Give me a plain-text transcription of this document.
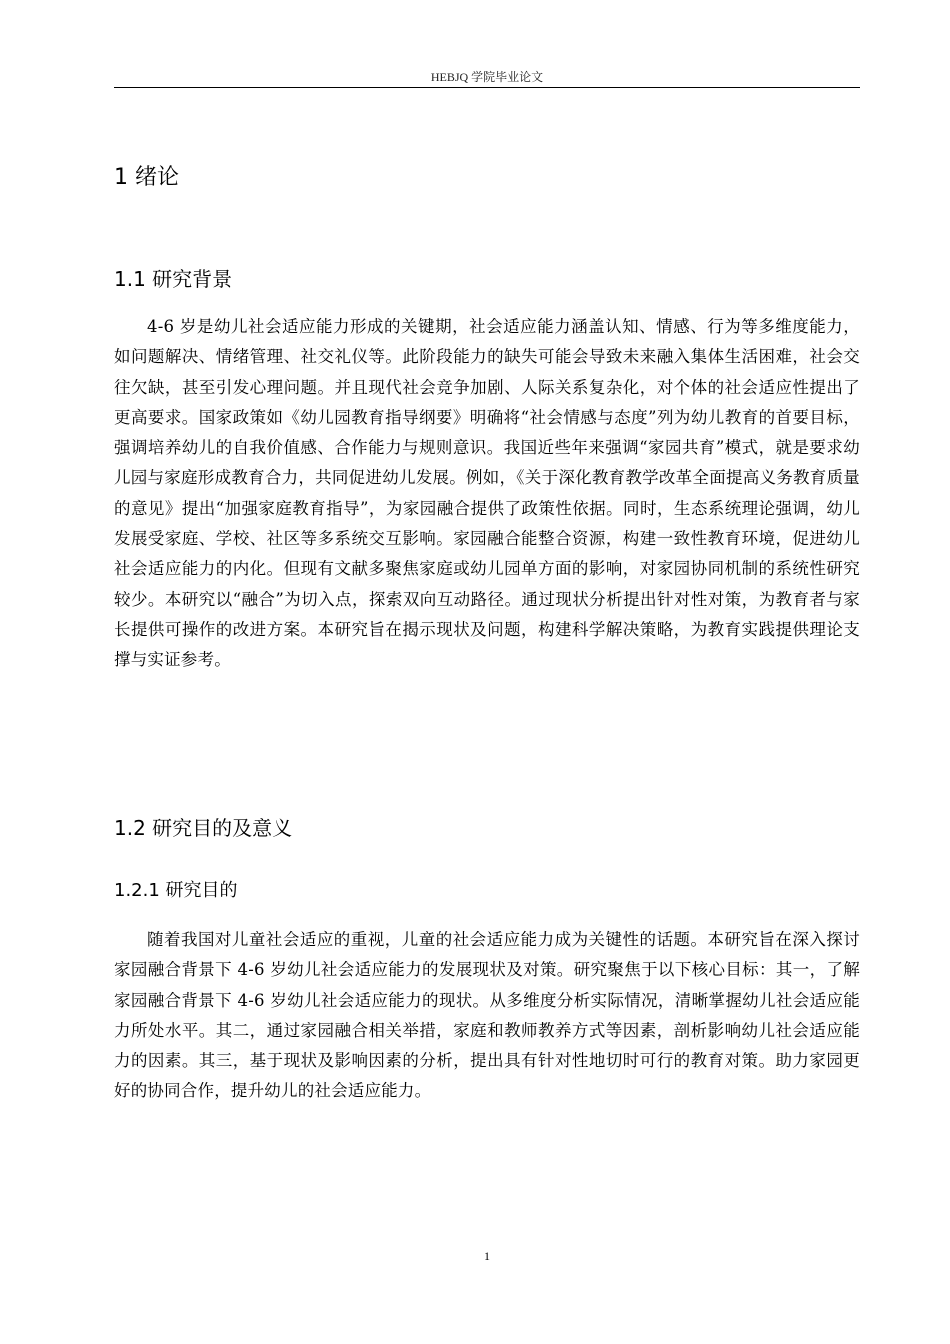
HEBJQ 学院毕业论文
1 绪论
1.1 研究背景
4-6 岁是幼儿社会适应能力形成的关键期，社会适应能力涵盖认知、情感、行为等多维度能力，如问题解决、情绪管理、社交礼仪等。此阶段能力的缺失可能会导致未来融入集体生活困难，社会交往欠缺，甚至引发心理问题。并且现代社会竞争加剧、人际关系复杂化，对个体的社会适应性提出了更高要求。国家政策如《幼儿园教育指导纲要》明确将“社会情感与态度”列为幼儿教育的首要目标，强调培养幼儿的自我价值感、合作能力与规则意识。我国近些年来强调“家园共育”模式，就是要求幼儿园与家庭形成教育合力，共同促进幼儿发展。例如，《关于深化教育教学改革全面提高义务教育质量的意见》提出“加强家庭教育指导”，为家园融合提供了政策性依据。同时，生态系统理论强调，幼儿发展受家庭、学校、社区等多系统交互影响。家园融合能整合资源，构建一致性教育环境，促进幼儿社会适应能力的内化。但现有文献多聚焦家庭或幼儿园单方面的影响，对家园协同机制的系统性研究较少。本研究以“融合”为切入点，探索双向互动路径。通过现状分析提出针对性对策，为教育者与家长提供可操作的改进方案。本研究旨在揭示现状及问题，构建科学解决策略，为教育实践提供理论支撑与实证参考。
1.2 研究目的及意义
1.2.1 研究目的
随着我国对儿童社会适应的重视，儿童的社会适应能力成为关键性的话题。本研究旨在深入探讨家园融合背景下 4-6 岁幼儿社会适应能力的发展现状及对策。研究聚焦于以下核心目标：其一，了解家园融合背景下 4-6 岁幼儿社会适应能力的现状。从多维度分析实际情况，清晰掌握幼儿社会适应能力所处水平。其二，通过家园融合相关举措，家庭和教师教养方式等因素，剖析影响幼儿社会适应能力的因素。其三，基于现状及影响因素的分析，提出具有针对性地切时可行的教育对策。助力家园更好的协同合作，提升幼儿的社会适应能力。
1
